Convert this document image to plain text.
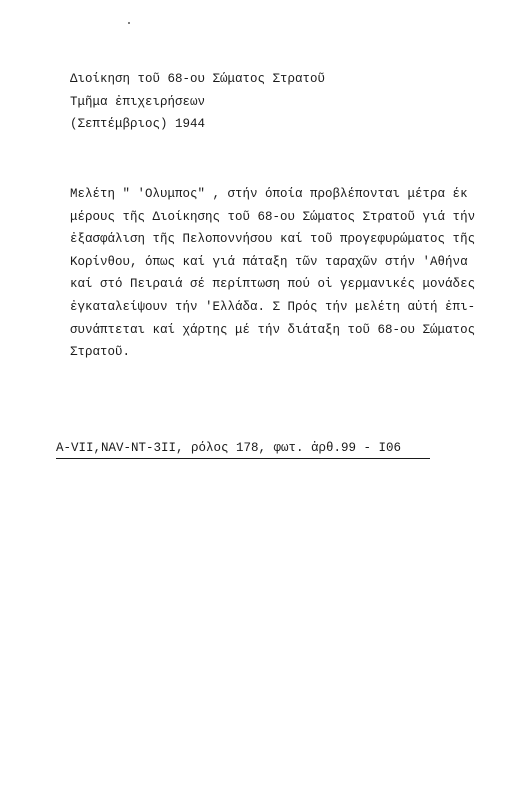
Διοίκηση τοῦ 68-ου Σώματος Στρατοῦ
Τμῆμα ἐπιχειρήσεων
(Σεπτέμβριος) 1944
Μελέτη " 'Ολυμπος" , στήν όποία προβλέπονται μέτρα έκ
μέρους τῆς Διοίκησης τοῦ 68-ου Σώματος Στρατοῦ γιά τήν
ἐξασφάλιση τῆς Πελοποννήσου καί τοῦ προγεφυρώματος τῆς
Κορίνθου, όπως καί γιά πάταξη τῶν ταραχῶν στήν 'Αθήνα
καί στό Πειραιά σέ περίπτωση πού οἱ γερμανικές μονάδες
ἐγκαταλείψουν τήν 'Ελλάδα. Σ Πρός τήν μελέτη αὐτή ἐπι-
συνάπτεται καί χάρτης μέ τήν διάταξη τοῦ 68-ου Σώματος
Στρατοῦ.
A-VII,NAV-NT-3II, ρόλος 178, φωτ. ἀρθ.99 - I06
